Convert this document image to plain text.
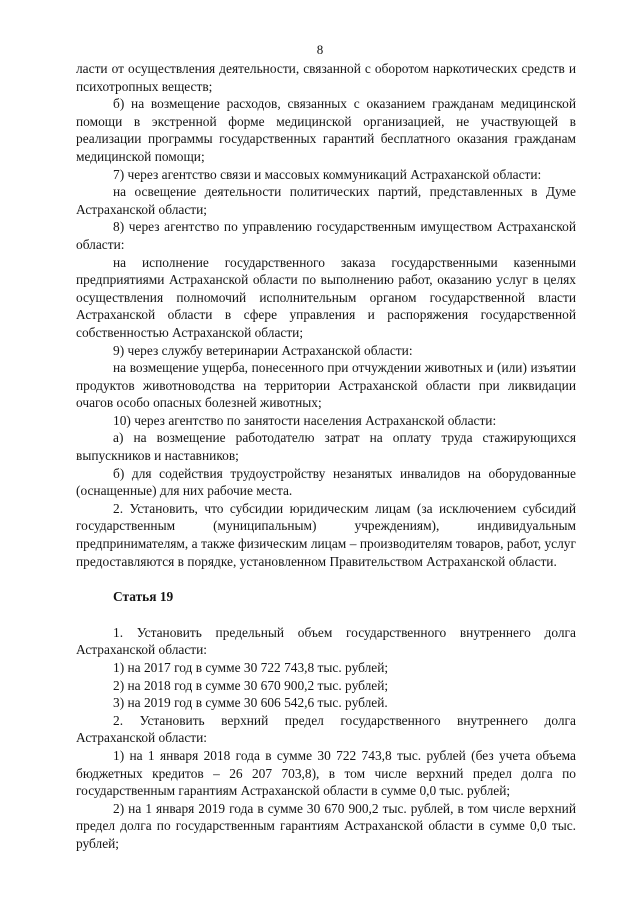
8

ласти от осуществления деятельности, связанной с оборотом наркотических средств и психотропных веществ;

б) на возмещение расходов, связанных с оказанием гражданам медицинской помощи в экстренной форме медицинской организацией, не участвующей в реализации программы государственных гарантий бесплатного оказания гражданам медицинской помощи;

7) через агентство связи и массовых коммуникаций Астраханской области:

на освещение деятельности политических партий, представленных в Думе Астраханской области;

8) через агентство по управлению государственным имуществом Астраханской области:

на исполнение государственного заказа государственными казенными предприятиями Астраханской области по выполнению работ, оказанию услуг в целях осуществления полномочий исполнительным органом государственной власти Астраханской области в сфере управления и распоряжения государственной собственностью Астраханской области;

9) через службу ветеринарии Астраханской области:

на возмещение ущерба, понесенного при отчуждении животных и (или) изъятии продуктов животноводства на территории Астраханской области при ликвидации очагов особо опасных болезней животных;

10) через агентство по занятости населения Астраханской области:

а) на возмещение работодателю затрат на оплату труда стажирующихся выпускников и наставников;

б) для содействия трудоустройству незанятых инвалидов на оборудованные (оснащенные) для них рабочие места.

2. Установить, что субсидии юридическим лицам (за исключением субсидий государственным (муниципальным) учреждениям), индивидуальным предпринимателям, а также физическим лицам – производителям товаров, работ, услуг предоставляются в порядке, установленном Правительством Астраханской области.

Статья 19

1. Установить предельный объем государственного внутреннего долга Астраханской области:

1) на 2017 год в сумме 30 722 743,8 тыс. рублей;

2) на 2018 год в сумме 30 670 900,2 тыс. рублей;

3) на 2019 год в сумме 30 606 542,6 тыс. рублей.

2. Установить верхний предел государственного внутреннего долга Астраханской области:

1) на 1 января 2018 года в сумме 30 722 743,8 тыс. рублей (без учета объема бюджетных кредитов – 26 207 703,8), в том числе верхний предел долга по государственным гарантиям Астраханской области в сумме 0,0 тыс. рублей;

2) на 1 января 2019 года в сумме 30 670 900,2 тыс. рублей, в том числе верхний предел долга по государственным гарантиям Астраханской области в сумме 0,0 тыс. рублей;
